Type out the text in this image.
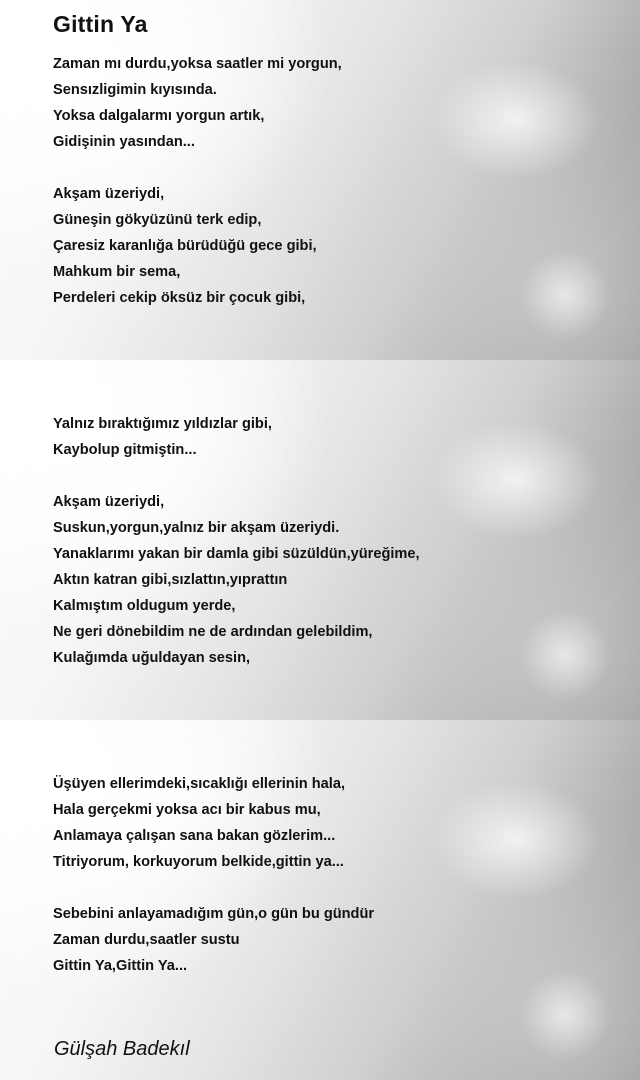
Gittin Ya

Zaman mı durdu,yoksa saatler mi yorgun,
Sensızligimin kıyısında.
Yoksa dalgalarmı yorgun artık,
Gidişinin yasından...

Akşam üzeriydi,
Güneşin gökyüzünü terk edip,
Çaresiz karanlığa bürüdüğü gece gibi,
Mahkum bir sema,
Perdeleri cekip öksüz bir çocuk gibi,

Yalnız bıraktığımız yıldızlar gibi,
Kaybolup gitmiştin...

Akşam üzeriydi,
Suskun,yorgun,yalnız bir akşam üzeriydi.
Yanaklarımı yakan bir damla gibi süzüldün,yüreğime,
Aktın katran gibi,sızlattın,yıprattın
Kalmıştım oldugum yerde,
Ne geri dönebildim ne de ardından gelebildim,
Kulağımda uğuldayan sesin,

Üşüyen ellerimdeki,sıcaklığı ellerinin hala,
Hala gerçekmi yoksa acı bir kabus mu,
Anlamaya çalışan sana bakan gözlerim...
Titriyorum, korkuyorum belkide,gittin ya...

Sebebini anlayamadığım gün,o gün bu gündür
Zaman durdu,saatler sustu
Gittin Ya,Gittin Ya...

Gülşah Badekıl
